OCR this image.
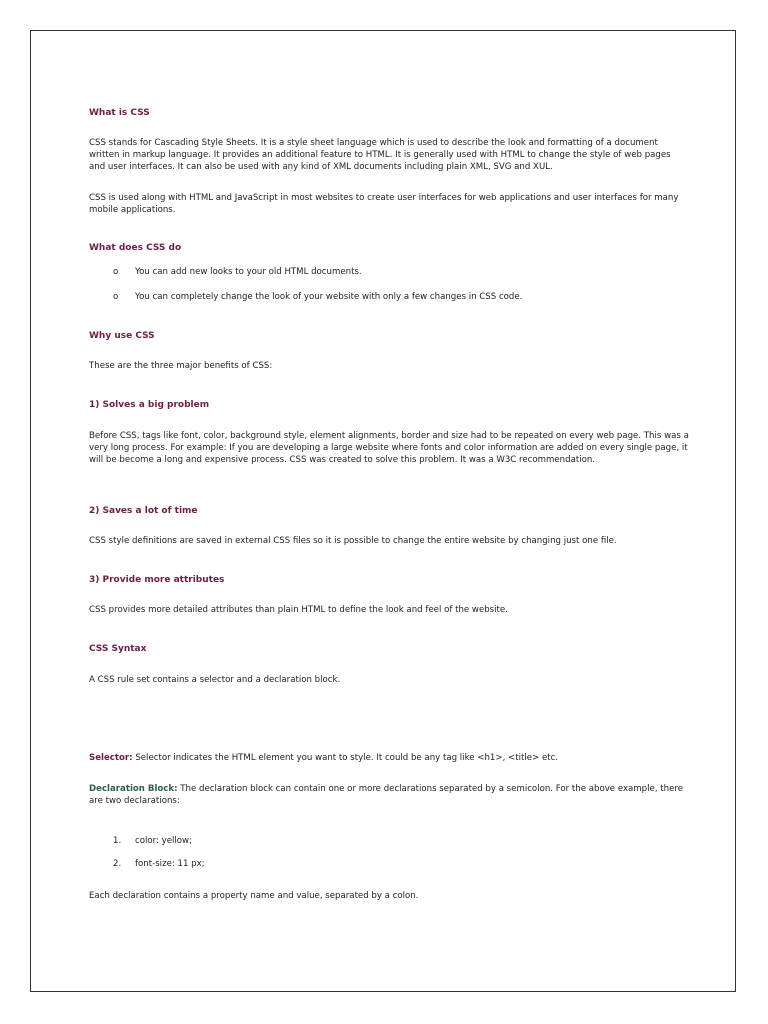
What is CSS

CSS stands for Cascading Style Sheets. It is a style sheet language which is used to describe the look and formatting of a document written in markup language. It provides an additional feature to HTML. It is generally used with HTML to change the style of web pages and user interfaces. It can also be used with any kind of XML documents including plain XML, SVG and XUL.

CSS is used along with HTML and JavaScript in most websites to create user interfaces for web applications and user interfaces for many mobile applications.

What does CSS do
o You can add new looks to your old HTML documents.
o You can completely change the look of your website with only a few changes in CSS code.
Why use CSS

These are the three major benefits of CSS:

1) Solves a big problem

Before CSS, tags like font, color, background style, element alignments, border and size had to be repeated on every web page. This was a very long process. For example: If you are developing a large website where fonts and color information are added on every single page, it will be become a long and expensive process. CSS was created to solve this problem. It was a W3C recommendation.

2) Saves a lot of time

CSS style definitions are saved in external CSS files so it is possible to change the entire website by changing just one file.

3) Provide more attributes

CSS provides more detailed attributes than plain HTML to define the look and feel of the website.

CSS Syntax

A CSS rule set contains a selector and a declaration block.

Selector: Selector indicates the HTML element you want to style. It could be any tag like <h1>, <title> etc.

Declaration Block: The declaration block can contain one or more declarations separated by a semicolon. For the above example, there are two declarations:

1. color: yellow;
2. font-size: 11 px;

Each declaration contains a property name and value, separated by a colon.
